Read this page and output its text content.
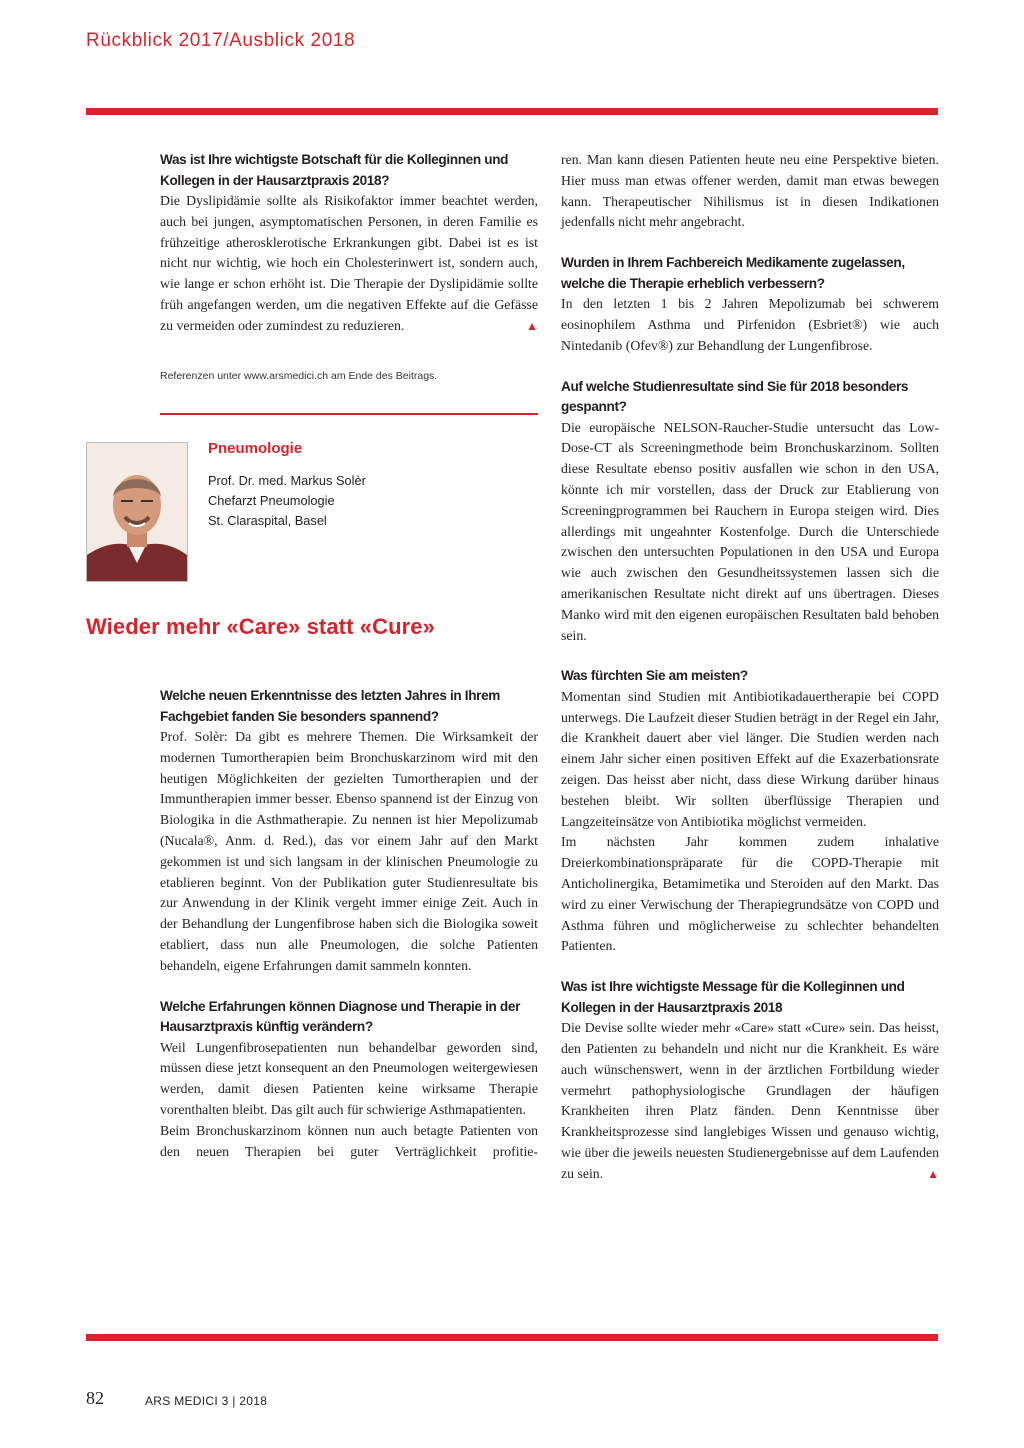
Rückblick 2017/Ausblick 2018

Was ist Ihre wichtigste Botschaft für die Kolleginnen und Kollegen in der Hausarztpraxis 2018?

Die Dyslipidämie sollte als Risikofaktor immer beachtet werden, auch bei jungen, asymptomatischen Personen, in deren Familie es frühzeitige atherosklerotische Erkrankungen gibt. Dabei ist es ist nicht nur wichtig, wie hoch ein Cholesterinwert ist, sondern auch, wie lange er schon erhöht ist. Die Therapie der Dyslipidämie sollte früh angefangen werden, um die negativen Effekte auf die Gefässe zu vermeiden oder zumindest zu reduzieren.	▲

Referenzen unter www.arsmedici.ch am Ende des Beitrags.

Pneumologie

Prof. Dr. med. Markus Solèr

Chefarzt Pneumologie

St. Claraspital, Basel

Wieder mehr «Care» statt «Cure»

Welche neuen Erkenntnisse des letzten Jahres in Ihrem Fachgebiet fanden Sie besonders spannend?

Prof. Solèr: Da gibt es mehrere Themen. Die Wirksamkeit der modernen Tumortherapien beim Bronchuskarzinom wird mit den heutigen Möglichkeiten der gezielten Tumortherapien und der Immuntherapien immer besser. Ebenso spannend ist der Einzug von Biologika in die Asthmatherapie. Zu nennen ist hier Mepolizumab (Nucala®, Anm. d. Red.), das vor einem Jahr auf den Markt gekommen ist und sich langsam in der klinischen Pneumologie zu etablieren beginnt. Von der Publikation guter Studienresultate bis zur Anwendung in der Klinik vergeht immer einige Zeit. Auch in der Behandlung der Lungenfibrose haben sich die Biologika soweit etabliert, dass nun alle Pneumologen, die solche Patienten behandeln, eigene Erfahrungen damit sammeln konnten.

Welche Erfahrungen können Diagnose und Therapie in der Hausarztpraxis künftig verändern?

Weil Lungenfibrosepatienten nun behandelbar geworden sind, müssen diese jetzt konsequent an den Pneumologen weitergewiesen werden, damit diesen Patienten keine wirksame Therapie vorenthalten bleibt. Das gilt auch für schwierige Asthmapatienten.

Beim Bronchuskarzinom können nun auch betagte Patienten von den neuen Therapien bei guter Verträglichkeit profitie-

ren. Man kann diesen Patienten heute neu eine Perspektive bieten. Hier muss man etwas offener werden, damit man etwas bewegen kann. Therapeutischer Nihilismus ist in diesen Indikationen jedenfalls nicht mehr angebracht.

Wurden in Ihrem Fachbereich Medikamente zugelassen, welche die Therapie erheblich verbessern?

In den letzten 1 bis 2 Jahren Mepolizumab bei schwerem eosinophilem Asthma und Pirfenidon (Esbriet®) wie auch Nintedanib (Ofev®) zur Behandlung der Lungenfibrose.

Auf welche Studienresultate sind Sie für 2018 besonders gespannt?

Die europäische NELSON-Raucher-Studie untersucht das Low-Dose-CT als Screeningmethode beim Bronchuskarzinom. Sollten diese Resultate ebenso positiv ausfallen wie schon in den USA, könnte ich mir vorstellen, dass der Druck zur Etablierung von Screeningprogrammen bei Rauchern in Europa steigen wird. Dies allerdings mit ungeahnter Kostenfolge. Durch die Unterschiede zwischen den untersuchten Populationen in den USA und Europa wie auch zwischen den Gesundheitssystemen lassen sich die amerikanischen Resultate nicht direkt auf uns übertragen. Dieses Manko wird mit den eigenen europäischen Resultaten bald behoben sein.

Was fürchten Sie am meisten?

Momentan sind Studien mit Antibiotikadauertherapie bei COPD unterwegs. Die Laufzeit dieser Studien beträgt in der Regel ein Jahr, die Krankheit dauert aber viel länger. Die Studien werden nach einem Jahr sicher einen positiven Effekt auf die Exazerbationsrate zeigen. Das heisst aber nicht, dass diese Wirkung darüber hinaus bestehen bleibt. Wir sollten überflüssige Therapien und Langzeiteinsätze von Antibiotika möglichst vermeiden.

Im nächsten Jahr kommen zudem inhalative Dreierkombinationspräparate für die COPD-Therapie mit Anticholinergika, Betamimetika und Steroiden auf den Markt. Das wird zu einer Verwischung der Therapiegrundsätze von COPD und Asthma führen und möglicherweise zu schlechter behandelten Patienten.

Was ist Ihre wichtigste Message für die Kolleginnen und Kollegen in der Hausarztpraxis 2018

Die Devise sollte wieder mehr «Care» statt «Cure» sein. Das heisst, den Patienten zu behandeln und nicht nur die Krankheit. Es wäre auch wünschenswert, wenn in der ärztlichen Fortbildung wieder vermehrt pathophysiologische Grundlagen der häufigen Krankheiten ihren Platz fänden. Denn Kenntnisse über Krankheitsprozesse sind langlebiges Wissen und genauso wichtig, wie über die jeweils neuesten Studienergebnisse auf dem Laufenden zu sein.	▲

82	ARS MEDICI 3 | 2018
